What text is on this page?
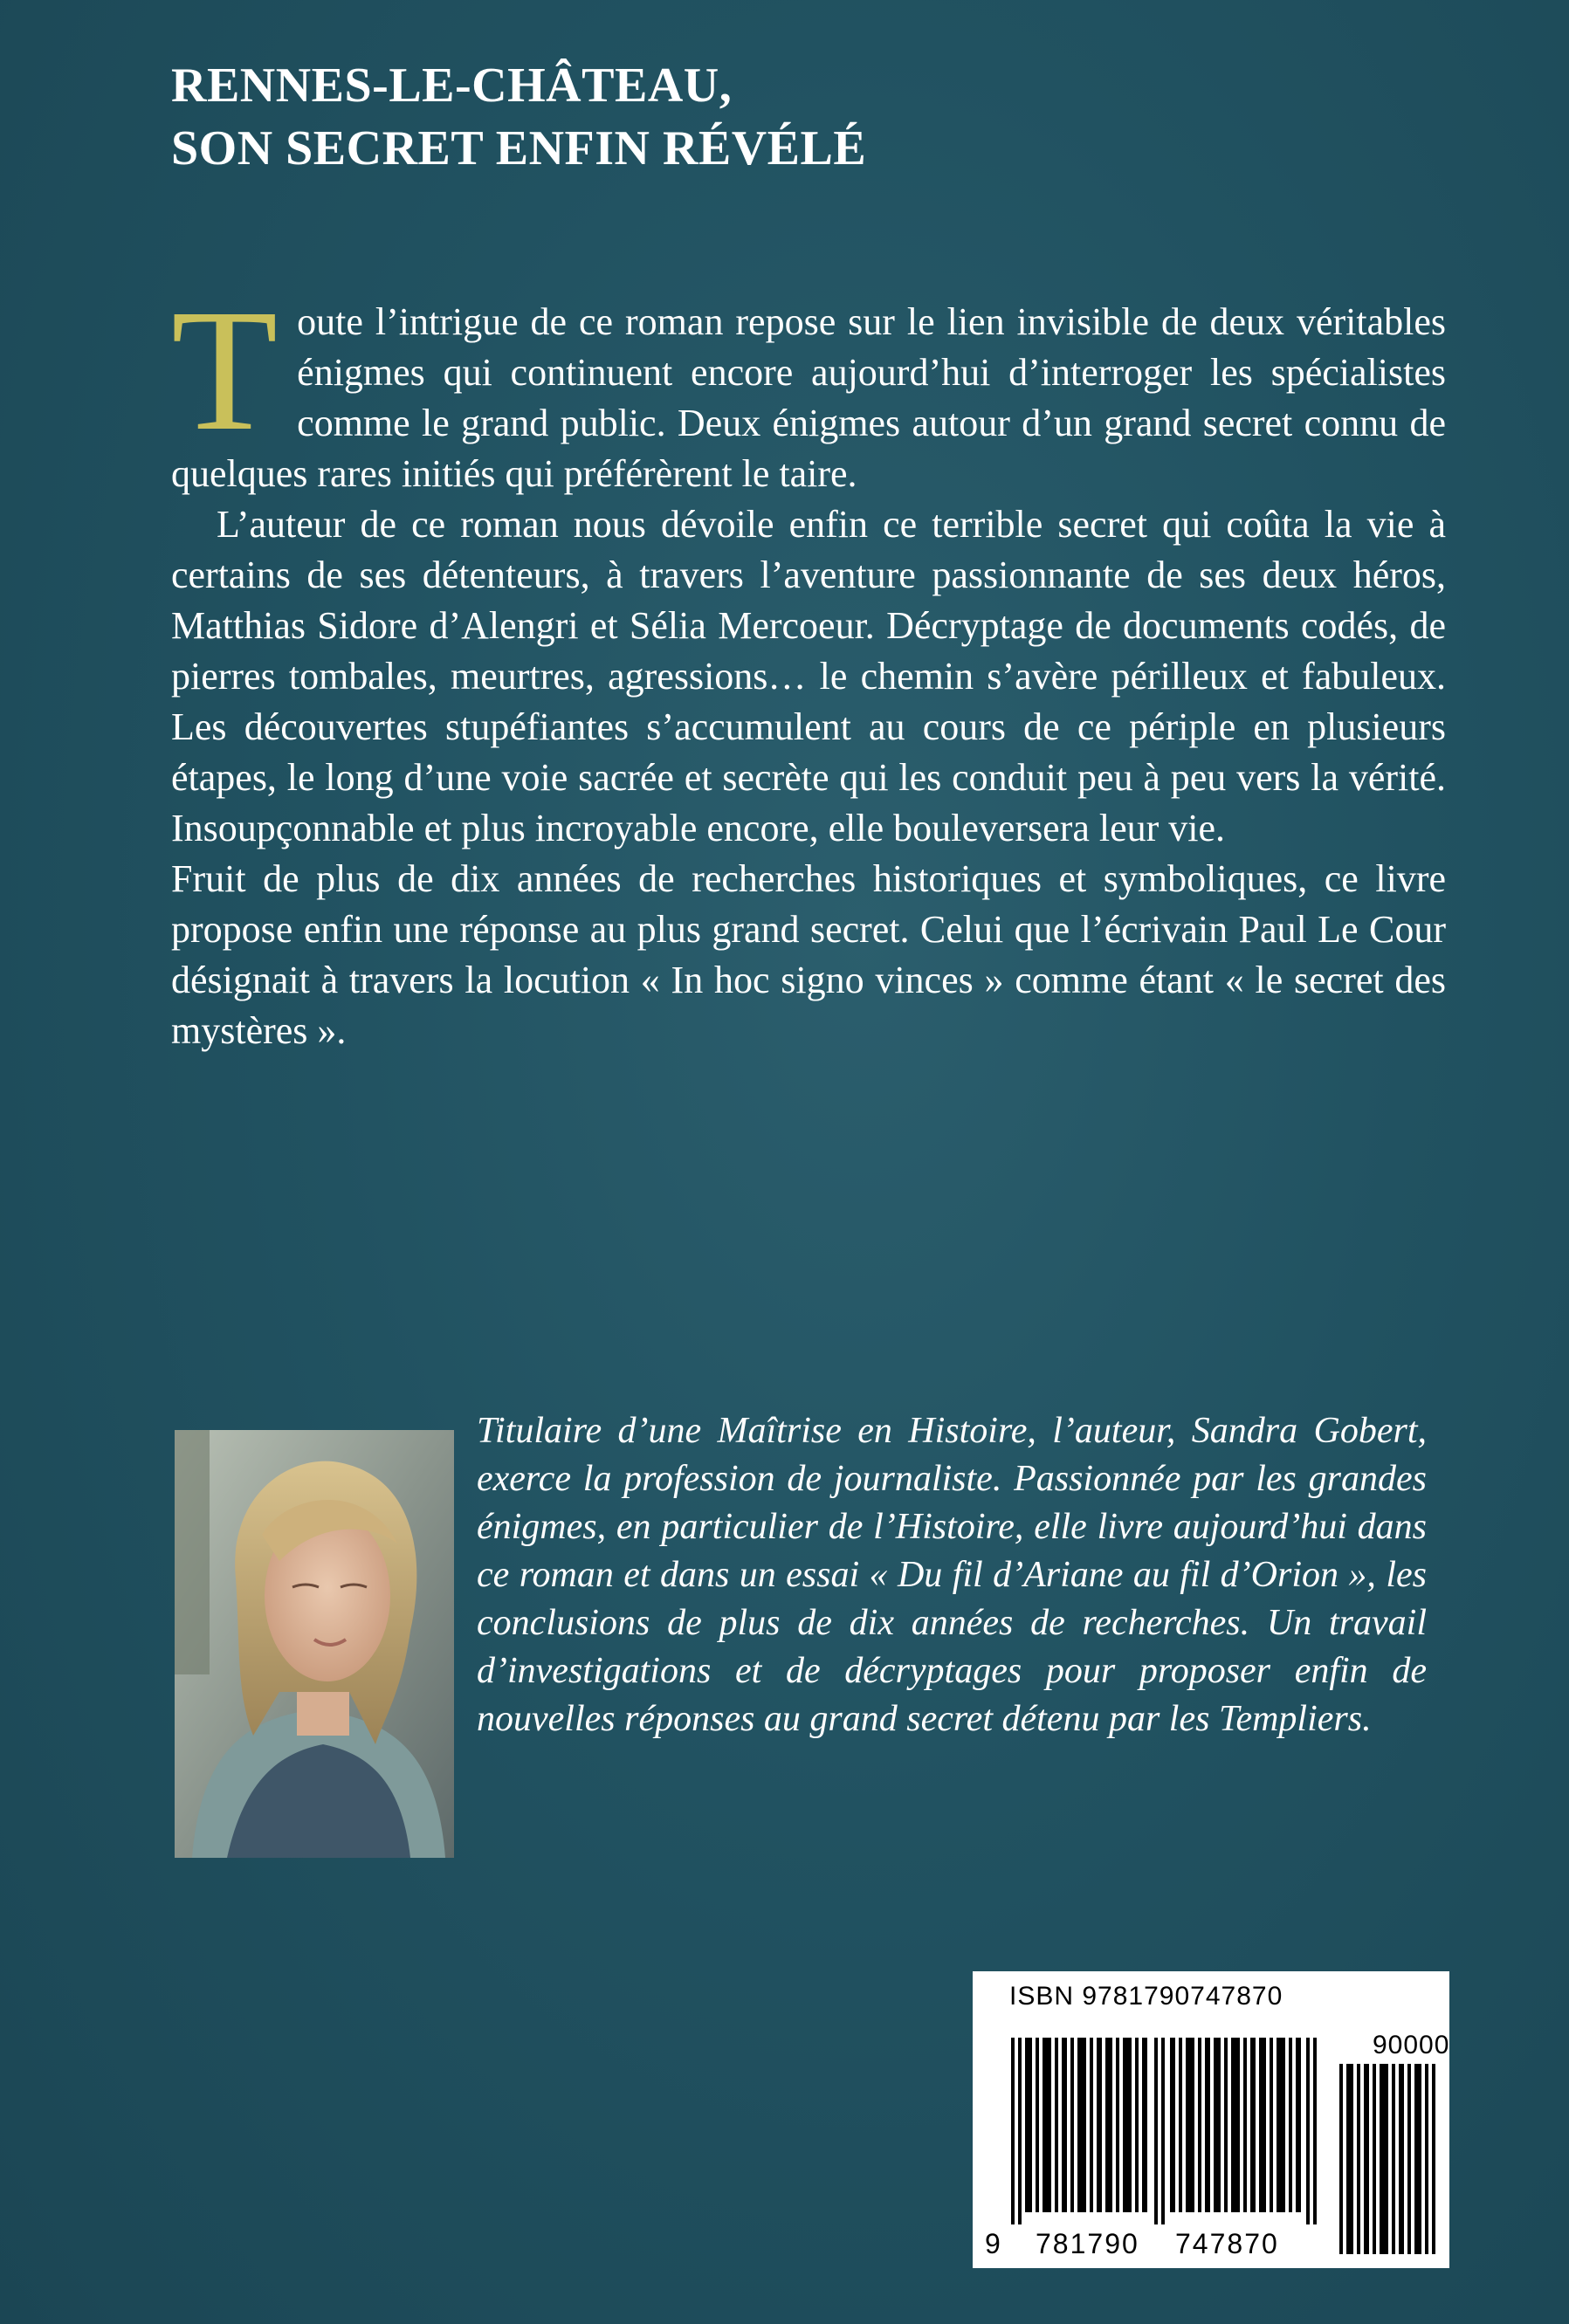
RENNES-LE-CHÂTEAU,
SON SECRET ENFIN RÉVÉLÉ

Toute l’intrigue de ce roman repose sur le lien invisible de deux véritables énigmes qui continuent encore aujourd’hui d’interroger les spécialistes comme le grand public. Deux énigmes autour d’un grand secret connu de quelques rares initiés qui préférèrent le taire.

L’auteur de ce roman nous dévoile enfin ce terrible secret qui coûta la vie à certains de ses détenteurs, à travers l’aventure passionnante de ses deux héros, Matthias Sidore d’Alengri et Sélia Mercoeur. Décryptage de documents codés, de pierres tombales, meurtres, agressions… le chemin s’avère périlleux et fabuleux. Les découvertes stupéfiantes s’accumulent au cours de ce périple en plusieurs étapes, le long d’une voie sacrée et secrète qui les conduit peu à peu vers la vérité. Insoupçonnable et plus incroyable encore, elle bouleversera leur vie.

Fruit de plus de dix années de recherches historiques et symboliques, ce livre propose enfin une réponse au plus grand secret. Celui que l’écrivain Paul Le Cour désignait à travers la locution « In hoc signo vinces » comme étant « le secret des mystères ».

Titulaire d’une Maîtrise en Histoire, l’auteur, Sandra Gobert, exerce la profession de journaliste. Passionnée par les grandes énigmes, en particulier de l’Histoire, elle livre aujourd’hui dans ce roman et dans un essai « Du fil d’Ariane au fil d’Orion », les conclusions de plus de dix années de recherches. Un travail d’investigations et de décryptages pour proposer enfin de nouvelles réponses au grand secret détenu par les Templiers.

ISBN 9781790747870
90000
9 781790 747870
